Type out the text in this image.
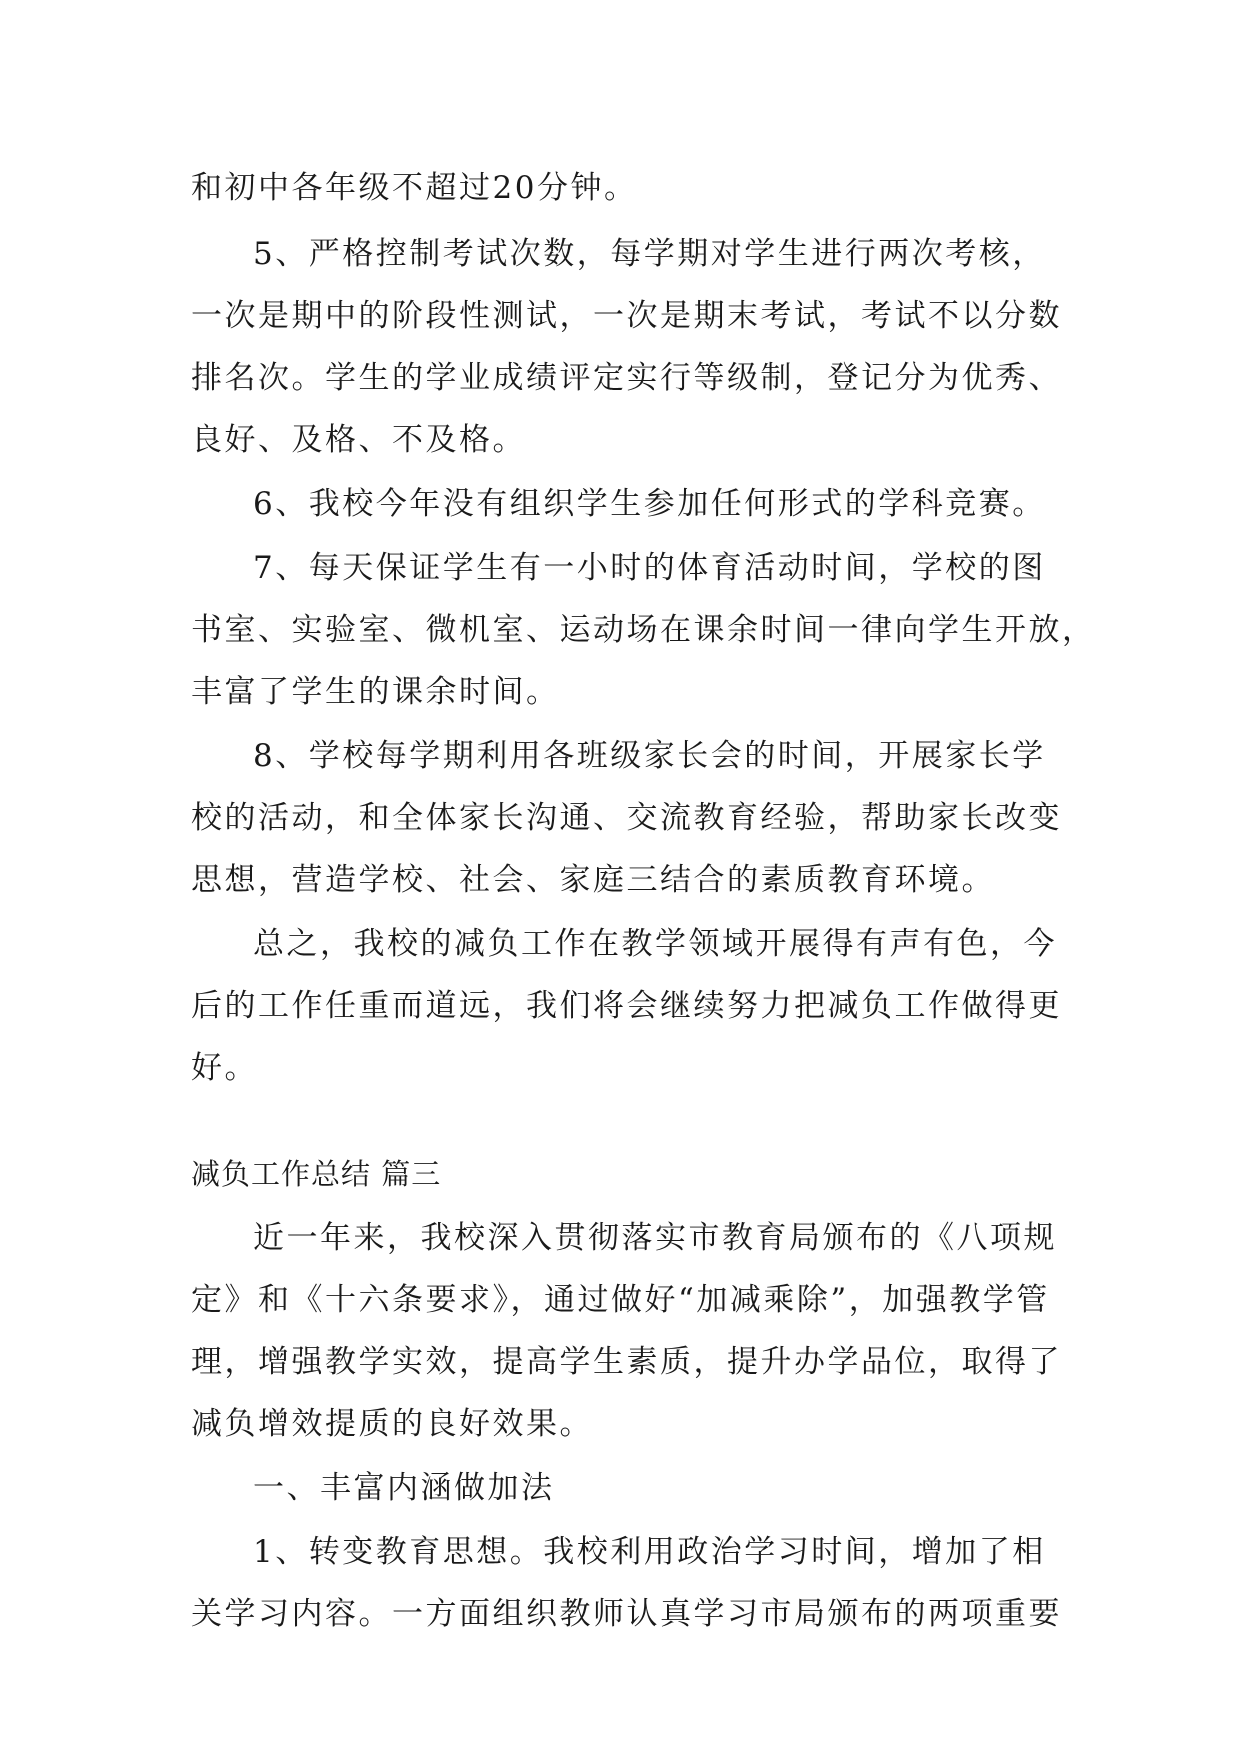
和初中各年级不超过20分钟。
5、严格控制考试次数，每学期对学生进行两次考核，
一次是期中的阶段性测试，一次是期末考试，考试不以分数
排名次。学生的学业成绩评定实行等级制，登记分为优秀、
良好、及格、不及格。
6、我校今年没有组织学生参加任何形式的学科竞赛。
7、每天保证学生有一小时的体育活动时间，学校的图
书室、实验室、微机室、运动场在课余时间一律向学生开放，
丰富了学生的课余时间。
8、学校每学期利用各班级家长会的时间，开展家长学
校的活动，和全体家长沟通、交流教育经验，帮助家长改变
思想，营造学校、社会、家庭三结合的素质教育环境。
总之，我校的减负工作在教学领域开展得有声有色，今
后的工作任重而道远，我们将会继续努力把减负工作做得更
好。
减负工作总结 篇三
近一年来，我校深入贯彻落实市教育局颁布的《八项规
定》和《十六条要求》，通过做好“加减乘除”，加强教学管
理，增强教学实效，提高学生素质，提升办学品位，取得了
减负增效提质的良好效果。
一、丰富内涵做加法
1、转变教育思想。我校利用政治学习时间，增加了相
关学习内容。一方面组织教师认真学习市局颁布的两项重要
